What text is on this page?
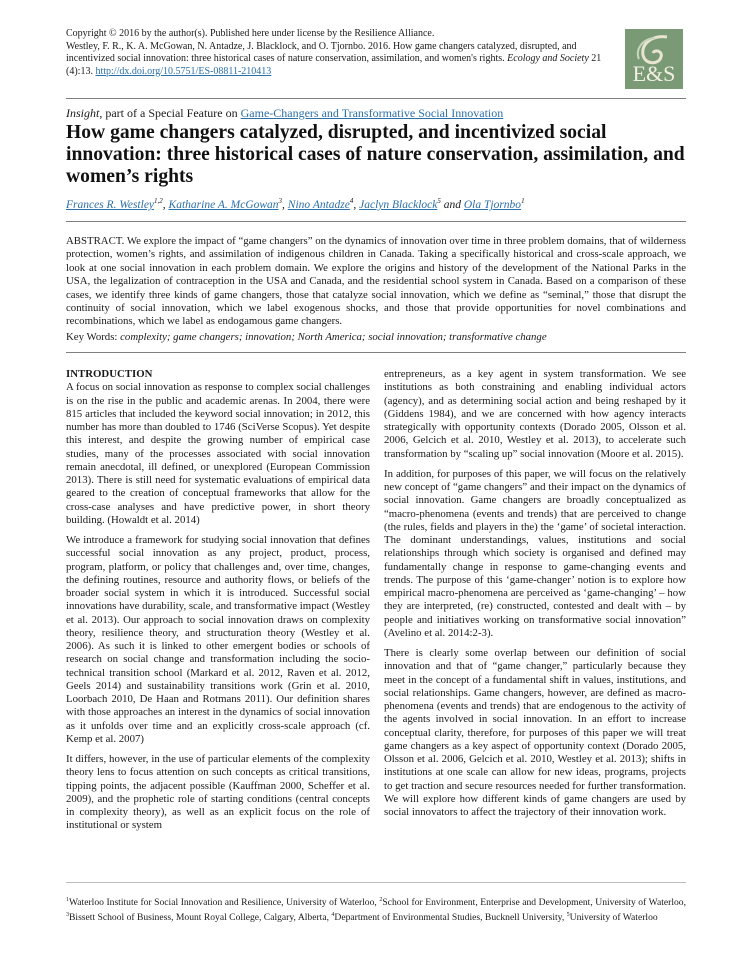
Copyright © 2016 by the author(s). Published here under license by the Resilience Alliance.
Westley, F. R., K. A. McGowan, N. Antadze, J. Blacklock, and O. Tjornbo. 2016. How game changers catalyzed, disrupted, and
incentivized social innovation: three historical cases of nature conservation, assimilation, and women's rights. Ecology and Society 21
(4):13. http://dx.doi.org/10.5751/ES-08811-210413	E&S
Insight, part of a Special Feature on Game-Changers and Transformative Social Innovation
How game changers catalyzed, disrupted, and incentivized social innovation: three historical cases of nature conservation, assimilation, and women’s rights
Frances R. Westley$^{1,2}$, Katharine A. McGowan$^3$, Nino Antadze$^4$, Jaclyn Blacklock$^5$ and Ola Tjornbo$^1$
ABSTRACT. We explore the impact of “game changers” on the dynamics of innovation over time in three problem domains, that of wilderness protection, women’s rights, and assimilation of indigenous children in Canada. Taking a specifically historical and cross-scale approach, we look at one social innovation in each problem domain. We explore the origins and history of the development of the National Parks in the USA, the legalization of contraception in the USA and Canada, and the residential school system in Canada. Based on a comparison of these cases, we identify three kinds of game changers, those that catalyze social innovation, which we define as “seminal,” those that disrupt the continuity of social innovation, which we label exogenous shocks, and those that provide opportunities for novel combinations and recombinations, which we label as endogamous game changers.
Key Words: complexity; game changers; innovation; North America; social innovation; transformative change
INTRODUCTION

A focus on social innovation as response to complex social challenges is on the rise in the public and academic arenas. In 2004, there were 815 articles that included the keyword social innovation; in 2012, this number has more than doubled to 1746 (SciVerse Scopus). Yet despite this interest, and despite the growing number of empirical case studies, many of the processes associated with social innovation remain anecdotal, ill defined, or unexplored (European Commission 2013). There is still need for systematic evaluations of empirical data geared to the creation of conceptual frameworks that allow for the cross-case analyses and have predictive power, in short theory building. (Howaldt et al. 2014)

We introduce a framework for studying social innovation that defines successful social innovation as any project, product, process, program, platform, or policy that challenges and, over time, changes, the defining routines, resource and authority flows, or beliefs of the broader social system in which it is introduced. Successful social innovations have durability, scale, and transformative impact (Westley et al. 2013). Our approach to social innovation draws on complexity theory, resilience theory, and structuration theory (Westley et al. 2006). As such it is linked to other emergent bodies or schools of research on social change and transformation including the socio-technical transition school (Markard et al. 2012, Raven et al. 2012, Geels 2014) and sustainability transitions work (Grin et al. 2010, Loorbach 2010, De Haan and Rotmans 2011). Our definition shares with those approaches an interest in the dynamics of social innovation as it unfolds over time and an explicitly cross-scale approach (cf. Kemp et al. 2007)

It differs, however, in the use of particular elements of the complexity theory lens to focus attention on such concepts as critical transitions, tipping points, the adjacent possible (Kauffman 2000, Scheffer et al. 2009), and the prophetic role of starting conditions (central concepts in complexity theory), as well as an explicit focus on the role of institutional or system

entrepreneurs, as a key agent in system transformation. We see institutions as both constraining and enabling individual actors (agency), and as determining social action and being reshaped by it (Giddens 1984), and we are concerned with how agency interacts strategically with opportunity contexts (Dorado 2005, Olsson et al. 2006, Gelcich et al. 2010, Westley et al. 2013), to accelerate such transformation by “scaling up” social innovation (Moore et al. 2015).

In addition, for purposes of this paper, we will focus on the relatively new concept of “game changers” and their impact on the dynamics of social innovation. Game changers are broadly conceptualized as “macro-phenomena (events and trends) that are perceived to change (the rules, fields and players in the) the ‘game’ of societal interaction. The dominant understandings, values, institutions and social relationships through which society is organised and defined may fundamentally change in response to game-changing events and trends. The purpose of this ‘game-changer’ notion is to explore how empirical macro-phenomena are perceived as ‘game-changing’ – how they are interpreted, (re) constructed, contested and dealt with – by people and initiatives working on transformative social innovation” (Avelino et al. 2014:2-3).

There is clearly some overlap between our definition of social innovation and that of “game changer,” particularly because they meet in the concept of a fundamental shift in values, institutions, and social relationships. Game changers, however, are defined as macro-phenomena (events and trends) that are endogenous to the activity of the agents involved in social innovation. In an effort to increase conceptual clarity, therefore, for purposes of this paper we will treat game changers as a key aspect of opportunity context (Dorado 2005, Olsson et al. 2006, Gelcich et al. 2010, Westley et al. 2013); shifts in institutions at one scale can allow for new ideas, programs, projects to get traction and secure resources needed for further transformation. We will explore how different kinds of game changers are used by social innovators to affect the trajectory of their innovation work.

$^1$Waterloo Institute for Social Innovation and Resilience, University of Waterloo, $^2$School for Environment, Enterprise and Development, University of Waterloo, $^3$Bissett School of Business, Mount Royal College, Calgary, Alberta, $^4$Department of Environmental Studies, Bucknell University, $^5$University of Waterloo
